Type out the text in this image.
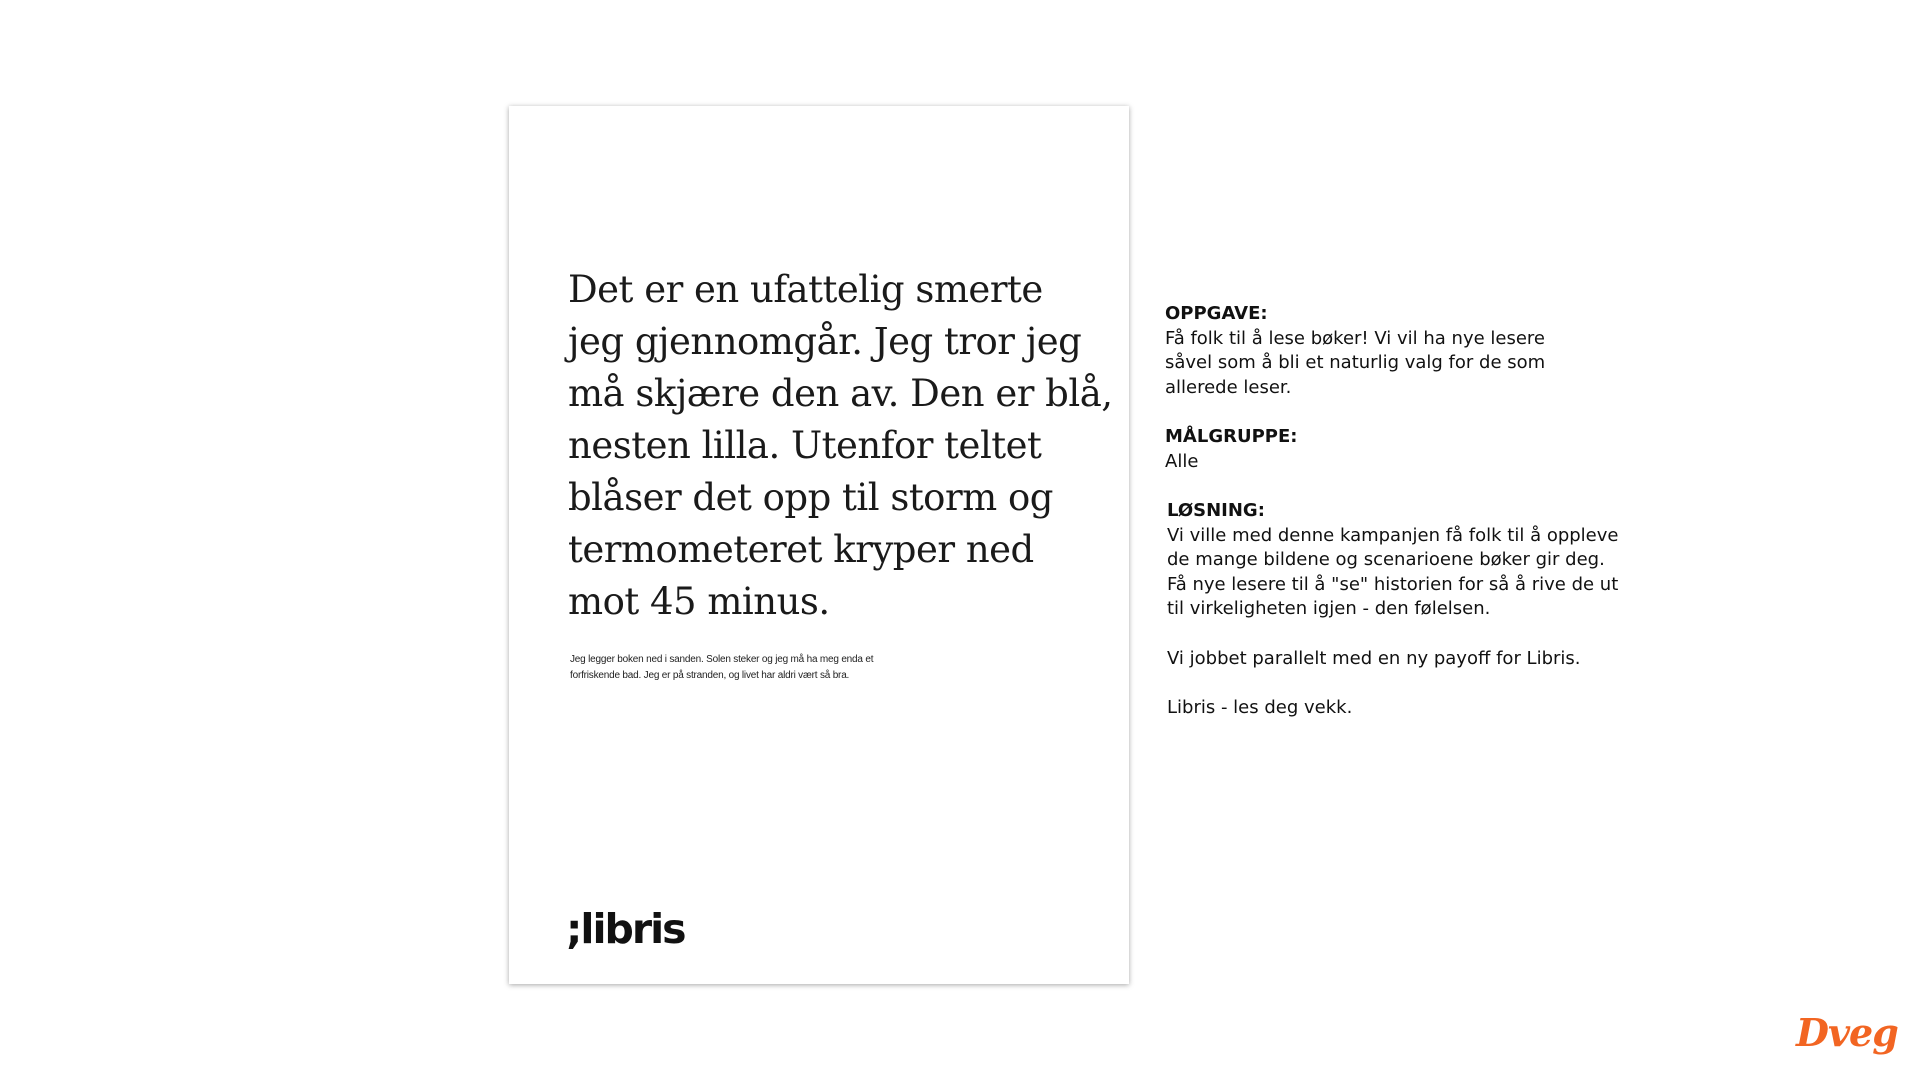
Det er en ufattelig smerte
jeg gjennomgår. Jeg tror jeg
må skjære den av. Den er blå,
nesten lilla. Utenfor teltet
blåser det opp til storm og
termometeret kryper ned
mot 45 minus.

Jeg legger boken ned i sanden. Solen steker og jeg må ha meg enda et
forfriskende bad. Jeg er på stranden, og livet har aldri vært så bra.

;libris
OPPGAVE:
Få folk til å lese bøker! Vi vil ha nye lesere
såvel som å bli et naturlig valg for de som
allerede leser.
MÅLGRUPPE:
Alle
LØSNING:
Vi ville med denne kampanjen få folk til å oppleve
de mange bildene og scenarioene bøker gir deg.
Få nye lesere til å "se" historien for så å rive de ut
til virkeligheten igjen - den følelsen.
Vi jobbet parallelt med en ny payoff for Libris.
Libris - les deg vekk.
Dveg
